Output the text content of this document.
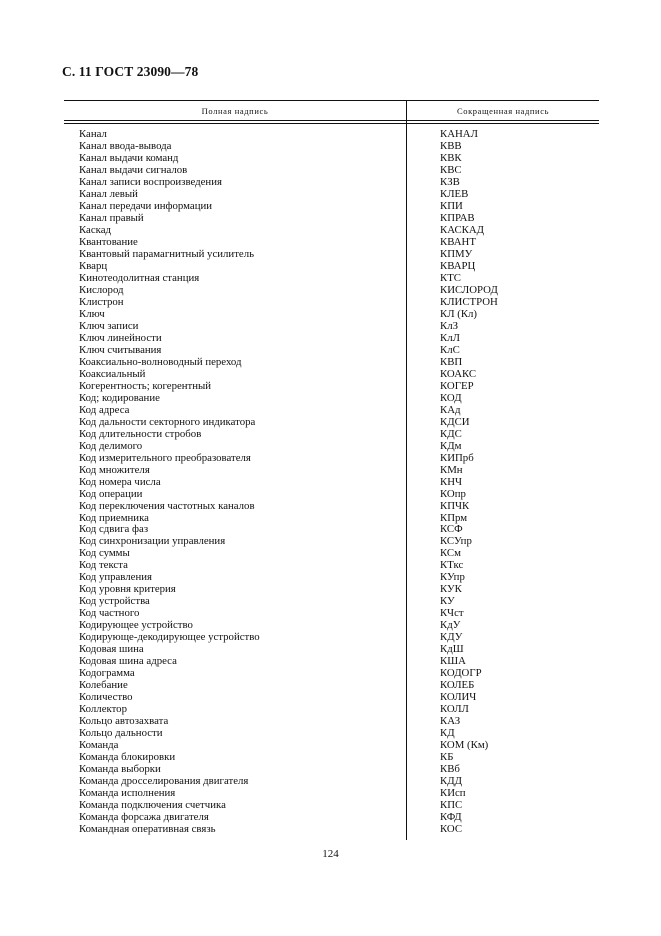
С. 11 ГОСТ 23090—78
Полная надпись	Сокращенная надпись
Канал	КАНАЛ
Канал ввода-вывода	КВВ
Канал выдачи команд	КВК
Канал выдачи сигналов	КВС
Канал записи воспроизведения	КЗВ
Канал левый	КЛЕВ
Канал передачи информации	КПИ
Канал правый	КПРАВ
Каскад	КАСКАД
Квантование	КВАНТ
Квантовый парамагнитный усилитель	КПМУ
Кварц	КВАРЦ
Кинотеодолитная станция	КТС
Кислород	КИСЛОРОД
Клистрон	КЛИСТРОН
Ключ	КЛ (Кл)
Ключ записи	КлЗ
Ключ линейности	КлЛ
Ключ считывания	КлС
Коаксиально-волноводный переход	КВП
Коаксиальный	КОАКС
Когерентность; когерентный	КОГЕР
Код; кодирование	КОД
Код адреса	КАд
Код дальности секторного индикатора	КДСИ
Код длительности стробов	КДС
Код делимого	КДм
Код измерительного преобразователя	КИПрб
Код множителя	КМн
Код номера числа	КНЧ
Код операции	КОпр
Код переключения частотных каналов	КПЧК
Код приемника	КПрм
Код сдвига фаз	КСФ
Код синхронизации управления	КСУпр
Код суммы	КСм
Код текста	КТкс
Код управления	КУпр
Код уровня критерия	КУК
Код устройства	КУ
Код частного	КЧст
Кодирующее устройство	КдУ
Кодирующе-декодирующее устройство	КДУ
Кодовая шина	КдШ
Кодовая шина адреса	КША
Кодограмма	КОДОГР
Колебание	КОЛЕБ
Количество	КОЛИЧ
Коллектор	КОЛЛ
Кольцо автозахвата	КАЗ
Кольцо дальности	КД
Команда	КОМ (Км)
Команда блокировки	КБ
Команда выборки	КВб
Команда дросселирования двигателя	КДД
Команда исполнения	КИсп
Команда подключения счетчика	КПС
Команда форсажа двигателя	КФД
Командная оперативная связь	КОС
124
